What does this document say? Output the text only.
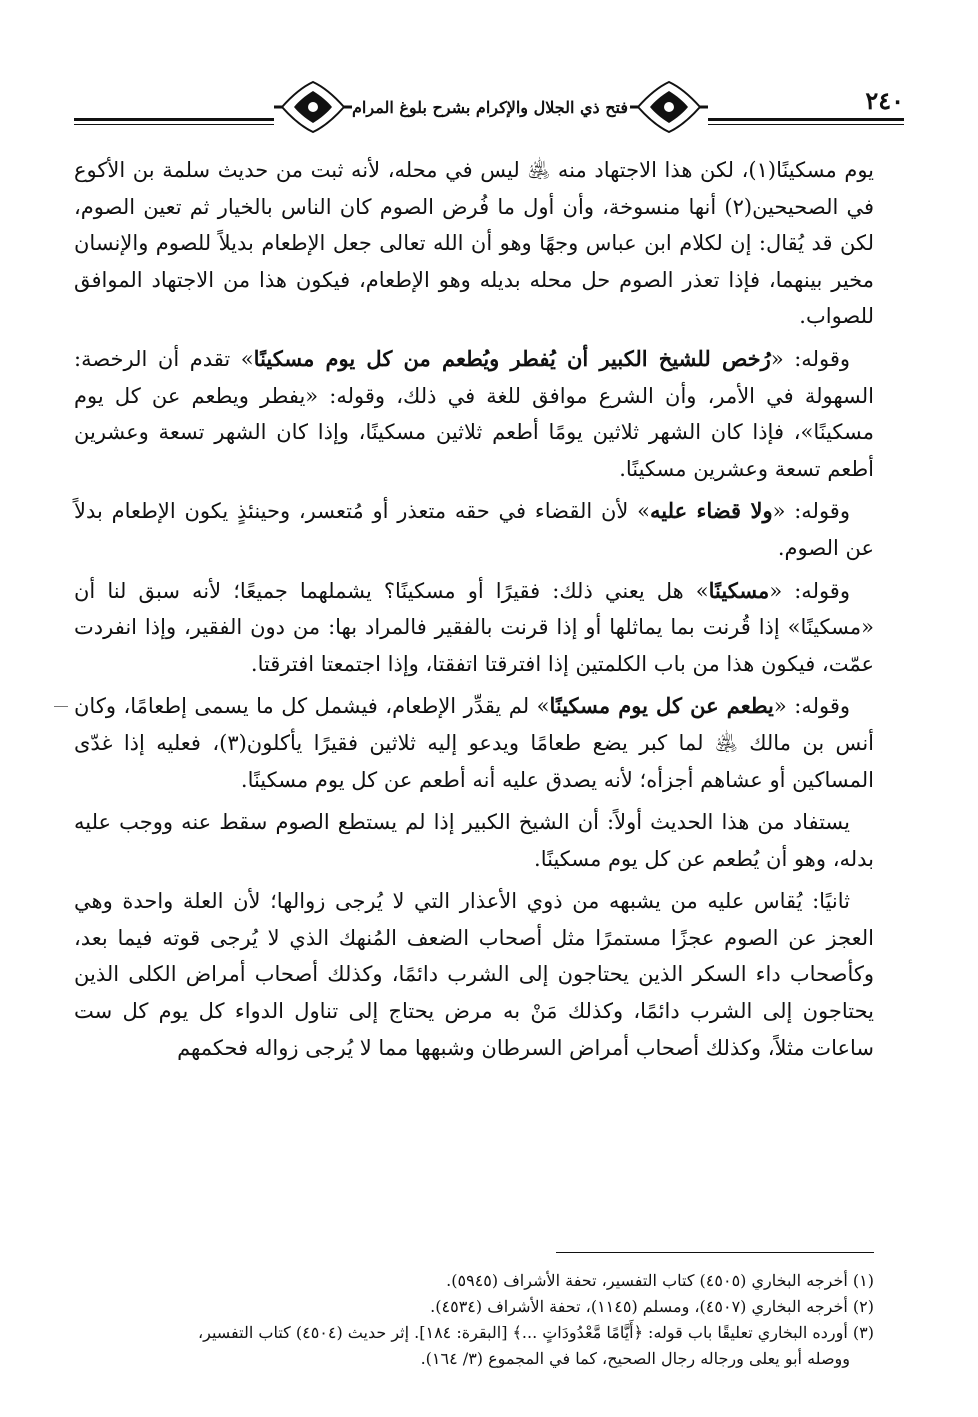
فتح ذي الجلال والإكرام بشرح بلوغ المرام	٢٤٠

يوم مسكينًا(١)، لكن هذا الاجتهاد منه ﵁ ليس في محله، لأنه ثبت من حديث سلمة بن الأكوع في الصحيحين(٢) أنها منسوخة، وأن أول ما فُرض الصوم كان الناس بالخيار ثم تعين الصوم، لكن قد يُقال: إن لكلام ابن عباس وجهًا وهو أن الله تعالى جعل الإطعام بديلاً للصوم والإنسان مخير بينهما، فإذا تعذر الصوم حل محله بديله وهو الإطعام، فيكون هذا من الاجتهاد الموافق للصواب.

وقوله: «رُخص للشيخ الكبير أن يُفطر ويُطعم من كل يوم مسكينًا» تقدم أن الرخصة: السهولة في الأمر، وأن الشرع موافق للغة في ذلك، وقوله: «يفطر ويطعم عن كل يوم مسكينًا»، فإذا كان الشهر ثلاثين يومًا أطعم ثلاثين مسكينًا، وإذا كان الشهر تسعة وعشرين أطعم تسعة وعشرين مسكينًا.

وقوله: «ولا قضاء عليه» لأن القضاء في حقه متعذر أو مُتعسر، وحينئذٍ يكون الإطعام بدلاً عن الصوم.

وقوله: «مسكينًا» هل يعني ذلك: فقيرًا أو مسكينًا؟ يشملهما جميعًا؛ لأنه سبق لنا أن «مسكينًا» إذا قُرنت بما يماثلها أو إذا قرنت بالفقير فالمراد بها: من دون الفقير، وإذا انفردت عمّت، فيكون هذا من باب الكلمتين إذا افترقتا اتفقتا، وإذا اجتمعتا افترقتا.

وقوله: «يطعم عن كل يوم مسكينًا» لم يقدِّر الإطعام، فيشمل كل ما يسمى إطعامًا، وكان أنس بن مالك ﵁ لما كبر يضع طعامًا ويدعو إليه ثلاثين فقيرًا يأكلون(٣)، فعليه إذا غدّى المساكين أو عشاهم أجزأه؛ لأنه يصدق عليه أنه أطعم عن كل يوم مسكينًا.

يستفاد من هذا الحديث أولاً: أن الشيخ الكبير إذا لم يستطع الصوم سقط عنه ووجب عليه بدله، وهو أن يُطعم عن كل يوم مسكينًا.

ثانيًا: يُقاس عليه من يشبهه من ذوي الأعذار التي لا يُرجى زوالها؛ لأن العلة واحدة وهي العجز عن الصوم عجزًا مستمرًا مثل أصحاب الضعف المُنهك الذي لا يُرجى قوته فيما بعد، وكأصحاب داء السكر الذين يحتاجون إلى الشرب دائمًا، وكذلك أصحاب أمراض الكلى الذين يحتاجون إلى الشرب دائمًا، وكذلك مَنْ به مرض يحتاج إلى تناول الدواء كل يوم كل ست ساعات مثلاً، وكذلك أصحاب أمراض السرطان وشبهها مما لا يُرجى زواله فحكمهم

(١) أخرجه البخاري (٤٥٠٥) كتاب التفسير، تحفة الأشراف (٥٩٤٥).

(٢) أخرجه البخاري (٤٥٠٧)، ومسلم (١١٤٥)، تحفة الأشراف (٤٥٣٤).

(٣) أورده البخاري تعليقًا باب قوله: ﴿أَيَّامًا مَّعْدُودَاتٍ ...﴾ [البقرة: ١٨٤]. إثر حديث (٤٥٠٤) كتاب التفسير،

ووصله أبو يعلى ورجاله رجال الصحيح، كما في المجموع (٣/ ١٦٤).
